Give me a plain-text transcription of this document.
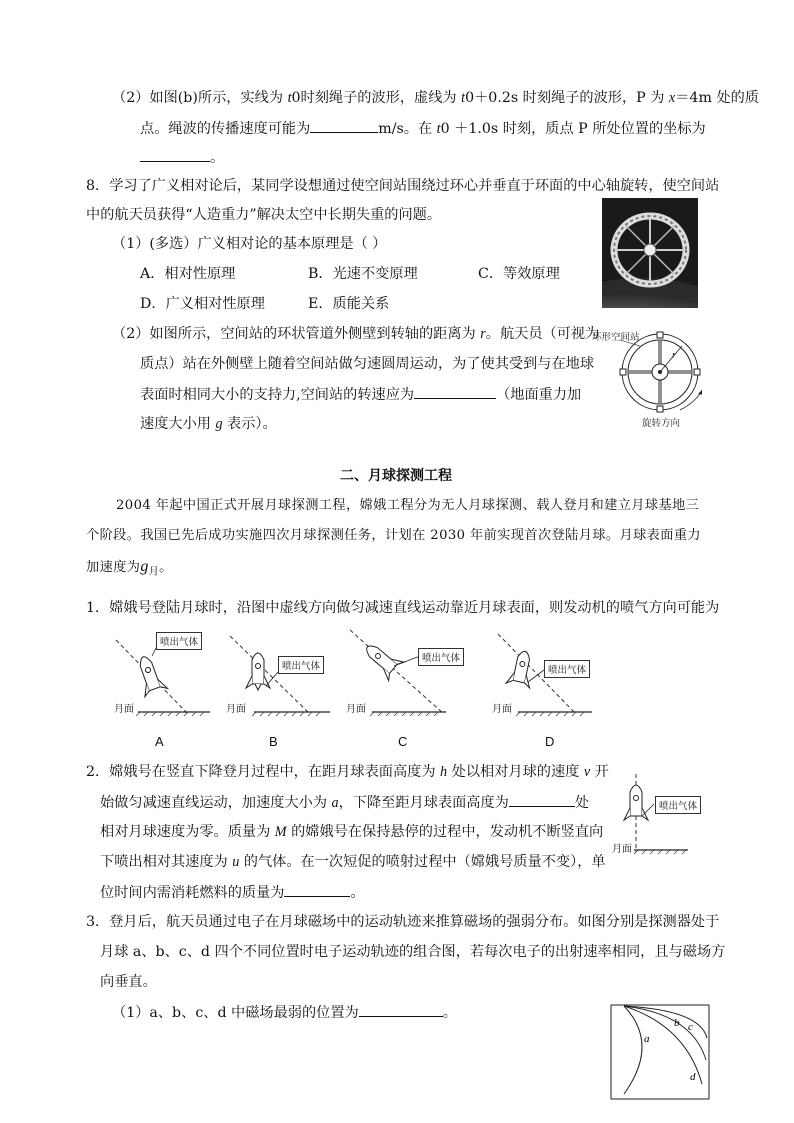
（2）如图(b)所示，实线为 t0时刻绳子的波形，虚线为 t0＋0.2s 时刻绳子的波形，P 为 x＝4m 处的质
点。绳波的传播速度可能为	m/s。在 t0 ＋1.0s 时刻，质点 P 所处位置的坐标为
。
8．学习了广义相对论后，某同学设想通过使空间站围绕过环心并垂直于环面的中心轴旋转，使空间站
中的航天员获得“人造重力”解决太空中长期失重的问题。
（1）(多选）广义相对论的基本原理是（ ）
A．相对性原理	B．光速不变原理	C．等效原理
D．广义相对性原理	E．质能关系
（2）如图所示，空间站的环状管道外侧壁到转轴的距离为 r。航天员（可视为
质点）站在外侧壁上随着空间站做匀速圆周运动，为了使其受到与在地球
表面时相同大小的支持力,空间站的转速应为	（地面重力加
速度大小用 g 表示）。
环形空间站
r
旋转方向
二、月球探测工程
2004 年起中国正式开展月球探测工程，嫦娥工程分为无人月球探测、载人登月和建立月球基地三
个阶段。我国已先后成功实施四次月球探测任务，计划在 2030 年前实现首次登陆月球。月球表面重力
加速度为$g_月$。
1．嫦娥号登陆月球时，沿图中虚线方向做匀减速直线运动靠近月球表面，则发动机的喷气方向可能为
喷出气体
月面
喷出气体
月面
喷出气体
月面
喷出气体
月面
A	B	C	D
2．嫦娥号在竖直下降登月过程中，在距月球表面高度为 h 处以相对月球的速度 v 开
始做匀减速直线运动，加速度大小为 a，下降至距月球表面高度为	处
相对月球速度为零。质量为 M 的嫦娥号在保持悬停的过程中，发动机不断竖直向
下喷出相对其速度为 u 的气体。在一次短促的喷射过程中（嫦娥号质量不变），单
位时间内需消耗燃料的质量为	。
喷出气体
月面
3．登月后，航天员通过电子在月球磁场中的运动轨迹来推算磁场的强弱分布。如图分别是探测器处于
月球 a、b、c、d 四个不同位置时电子运动轨迹的组合图，若每次电子的出射速率相同，且与磁场方
向垂直。
（1）a、b、c、d 中磁场最弱的位置为	。
a
b c
d
